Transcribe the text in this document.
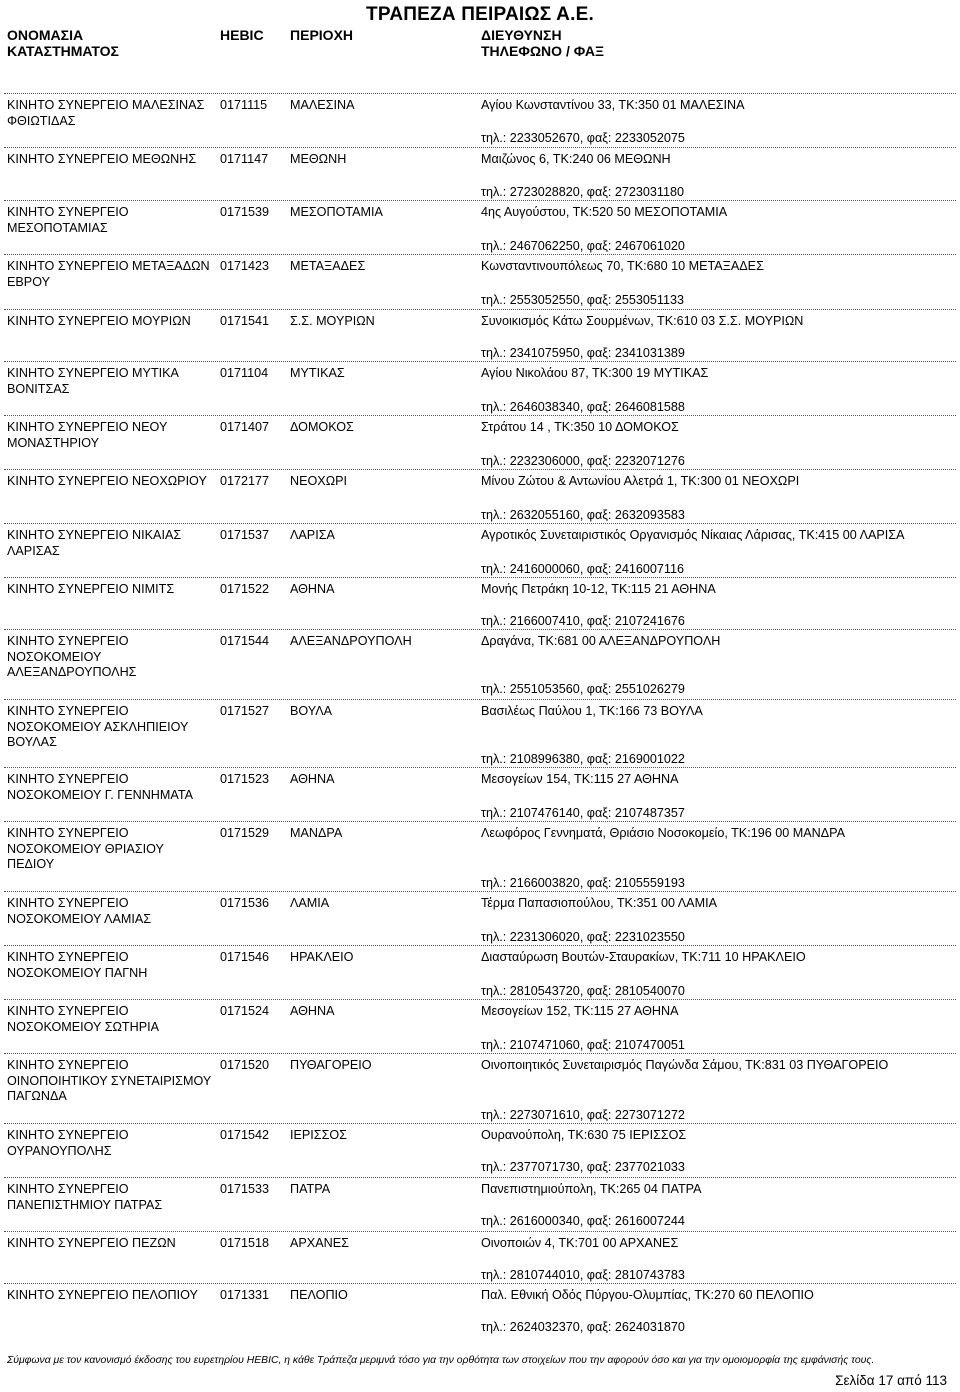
ΤΡΑΠΕΖΑ ΠΕΙΡΑΙΩΣ Α.Ε.
ΟΝΟΜΑΣΙΑ
ΚΑΤΑΣΤΗΜΑΤΟΣ
HEBIC ΠΕΡΙΟΧΗ	ΔΙΕΥΘΥΝΣΗ
ΤΗΛΕΦΩΝΟ / ΦΑΞ
ΚΙΝΗΤΟ ΣΥΝΕΡΓΕΙΟ ΜΑΛΕΣΙΝΑΣ
ΦΘΙΩΤΙΔΑΣ
0171115 ΜΑΛΕΣΙΝΑ	Αγίου Κωνσταντίνου 33, ΤΚ:350 01 ΜΑΛΕΣΙΝΑ
τηλ.: 2233052670, φαξ: 2233052075
ΚΙΝΗΤΟ ΣΥΝΕΡΓΕΙΟ ΜΕΘΩΝΗΣ	0171147 ΜΕΘΩΝΗ	Μαιζώνος 6, ΤΚ:240 06 ΜΕΘΩΝΗ
τηλ.: 2723028820, φαξ: 2723031180
ΚΙΝΗΤΟ ΣΥΝΕΡΓΕΙΟ
ΜΕΣΟΠΟΤΑΜΙΑΣ
0171539 ΜΕΣΟΠΟΤΑΜΙΑ	4ης Αυγούστου, ΤΚ:520 50 ΜΕΣΟΠΟΤΑΜΙΑ
τηλ.: 2467062250, φαξ: 2467061020
ΚΙΝΗΤΟ ΣΥΝΕΡΓΕΙΟ ΜΕΤΑΞΑΔΩΝ
ΕΒΡΟΥ
0171423 ΜΕΤΑΞΑΔΕΣ	Κωνσταντινουπόλεως 70, ΤΚ:680 10 ΜΕΤΑΞΑΔΕΣ
τηλ.: 2553052550, φαξ: 2553051133
ΚΙΝΗΤΟ ΣΥΝΕΡΓΕΙΟ ΜΟΥΡΙΩΝ	0171541 Σ.Σ. ΜΟΥΡΙΩΝ	Συνοικισμός Κάτω Σουρμένων, ΤΚ:610 03 Σ.Σ. ΜΟΥΡΙΩΝ
τηλ.: 2341075950, φαξ: 2341031389
ΚΙΝΗΤΟ ΣΥΝΕΡΓΕΙΟ ΜΥΤΙΚΑ
ΒΟΝΙΤΣΑΣ
0171104 ΜΥΤΙΚΑΣ	Αγίου Νικολάου 87, ΤΚ:300 19 ΜΥΤΙΚΑΣ
τηλ.: 2646038340, φαξ: 2646081588
ΚΙΝΗΤΟ ΣΥΝΕΡΓΕΙΟ ΝΕΟΥ
ΜΟΝΑΣΤΗΡΙΟΥ
0171407 ΔΟΜΟΚΟΣ	Στράτου 14 , ΤΚ:350 10 ΔΟΜΟΚΟΣ
τηλ.: 2232306000, φαξ: 2232071276
ΚΙΝΗΤΟ ΣΥΝΕΡΓΕΙΟ ΝΕΟΧΩΡΙΟΥ	0172177 ΝΕΟΧΩΡΙ	Μίνου Ζώτου & Αντωνίου Αλετρά 1, ΤΚ:300 01 ΝΕΟΧΩΡΙ
τηλ.: 2632055160, φαξ: 2632093583
ΚΙΝΗΤΟ ΣΥΝΕΡΓΕΙΟ ΝΙΚΑΙΑΣ
ΛΑΡΙΣΑΣ
0171537 ΛΑΡΙΣΑ	Αγροτικός Συνεταιριστικός Οργανισμός Νίκαιας Λάρισας, ΤΚ:415 00 ΛΑΡΙΣΑ
τηλ.: 2416000060, φαξ: 2416007116
ΚΙΝΗΤΟ ΣΥΝΕΡΓΕΙΟ ΝΙΜΙΤΣ	0171522 ΑΘΗΝΑ	Μονής Πετράκη 10-12, ΤΚ:115 21 ΑΘΗΝΑ
τηλ.: 2166007410, φαξ: 2107241676
ΚΙΝΗΤΟ ΣΥΝΕΡΓΕΙΟ
ΝΟΣΟΚΟΜΕΙΟΥ
ΑΛΕΞΑΝΔΡΟΥΠΟΛΗΣ
0171544 ΑΛΕΞΑΝΔΡΟΥΠΟΛΗ	Δραγάνα, ΤΚ:681 00 ΑΛΕΞΑΝΔΡΟΥΠΟΛΗ
τηλ.: 2551053560, φαξ: 2551026279
ΚΙΝΗΤΟ ΣΥΝΕΡΓΕΙΟ
ΝΟΣΟΚΟΜΕΙΟΥ ΑΣΚΛΗΠΙΕΙΟΥ
ΒΟΥΛΑΣ
0171527 ΒΟΥΛΑ	Βασιλέως Παύλου 1, ΤΚ:166 73 ΒΟΥΛΑ
τηλ.: 2108996380, φαξ: 2169001022
ΚΙΝΗΤΟ ΣΥΝΕΡΓΕΙΟ
ΝΟΣΟΚΟΜΕΙΟΥ Γ. ΓΕΝΝΗΜΑΤΑ
0171523 ΑΘΗΝΑ	Μεσογείων 154, ΤΚ:115 27 ΑΘΗΝΑ
τηλ.: 2107476140, φαξ: 2107487357
ΚΙΝΗΤΟ ΣΥΝΕΡΓΕΙΟ
ΝΟΣΟΚΟΜΕΙΟΥ ΘΡΙΑΣΙΟΥ
ΠΕΔΙΟΥ
0171529 ΜΑΝΔΡΑ	Λεωφόρος Γεννηματά, Θριάσιο Νοσοκομείο, ΤΚ:196 00 ΜΑΝΔΡΑ
τηλ.: 2166003820, φαξ: 2105559193
ΚΙΝΗΤΟ ΣΥΝΕΡΓΕΙΟ
ΝΟΣΟΚΟΜΕΙΟΥ ΛΑΜΙΑΣ
0171536 ΛΑΜΙΑ	Τέρμα Παπασιοπούλου, ΤΚ:351 00 ΛΑΜΙΑ
τηλ.: 2231306020, φαξ: 2231023550
ΚΙΝΗΤΟ ΣΥΝΕΡΓΕΙΟ
ΝΟΣΟΚΟΜΕΙΟΥ ΠΑΓΝΗ
0171546 ΗΡΑΚΛΕΙΟ	Διασταύρωση Βουτών-Σταυρακίων, ΤΚ:711 10 ΗΡΑΚΛΕΙΟ
τηλ.: 2810543720, φαξ: 2810540070
ΚΙΝΗΤΟ ΣΥΝΕΡΓΕΙΟ
ΝΟΣΟΚΟΜΕΙΟΥ ΣΩΤΗΡΙΑ
0171524 ΑΘΗΝΑ	Μεσογείων 152, ΤΚ:115 27 ΑΘΗΝΑ
τηλ.: 2107471060, φαξ: 2107470051
ΚΙΝΗΤΟ ΣΥΝΕΡΓΕΙΟ
ΟΙΝΟΠΟΙΗΤΙΚΟΥ ΣΥΝΕΤΑΙΡΙΣΜΟΥ
ΠΑΓΩΝΔΑ
0171520 ΠΥΘΑΓΟΡΕΙΟ	Οινοποιητικός Συνεταιρισμός Παγώνδα Σάμου, ΤΚ:831 03 ΠΥΘΑΓΟΡΕΙΟ
τηλ.: 2273071610, φαξ: 2273071272
ΚΙΝΗΤΟ ΣΥΝΕΡΓΕΙΟ
ΟΥΡΑΝΟΥΠΟΛΗΣ
0171542 ΙΕΡΙΣΣΟΣ	Ουρανούπολη, ΤΚ:630 75 ΙΕΡΙΣΣΟΣ
τηλ.: 2377071730, φαξ: 2377021033
ΚΙΝΗΤΟ ΣΥΝΕΡΓΕΙΟ
ΠΑΝΕΠΙΣΤΗΜΙΟΥ ΠΑΤΡΑΣ
0171533 ΠΑΤΡΑ	Πανεπιστημιούπολη, ΤΚ:265 04 ΠΑΤΡΑ
τηλ.: 2616000340, φαξ: 2616007244
ΚΙΝΗΤΟ ΣΥΝΕΡΓΕΙΟ ΠΕΖΩΝ	0171518 ΑΡΧΑΝΕΣ	Οινοποιών 4, ΤΚ:701 00 ΑΡΧΑΝΕΣ
τηλ.: 2810744010, φαξ: 2810743783
ΚΙΝΗΤΟ ΣΥΝΕΡΓΕΙΟ ΠΕΛΟΠΙΟΥ	0171331 ΠΕΛΟΠΙΟ	Παλ. Εθνική Οδός Πύργου-Ολυμπίας, ΤΚ:270 60 ΠΕΛΟΠΙΟ
τηλ.: 2624032370, φαξ: 2624031870
Σύμφωνα με τον κανονισμό έκδοσης του ευρετηρίου HEBIC, η κάθε Τράπεζα μεριμνά τόσο για την ορθότητα των στοιχείων που την αφορούν όσο και για την ομοιομορφία της εμφάνισής τους.
Σελίδα 17 από 113
